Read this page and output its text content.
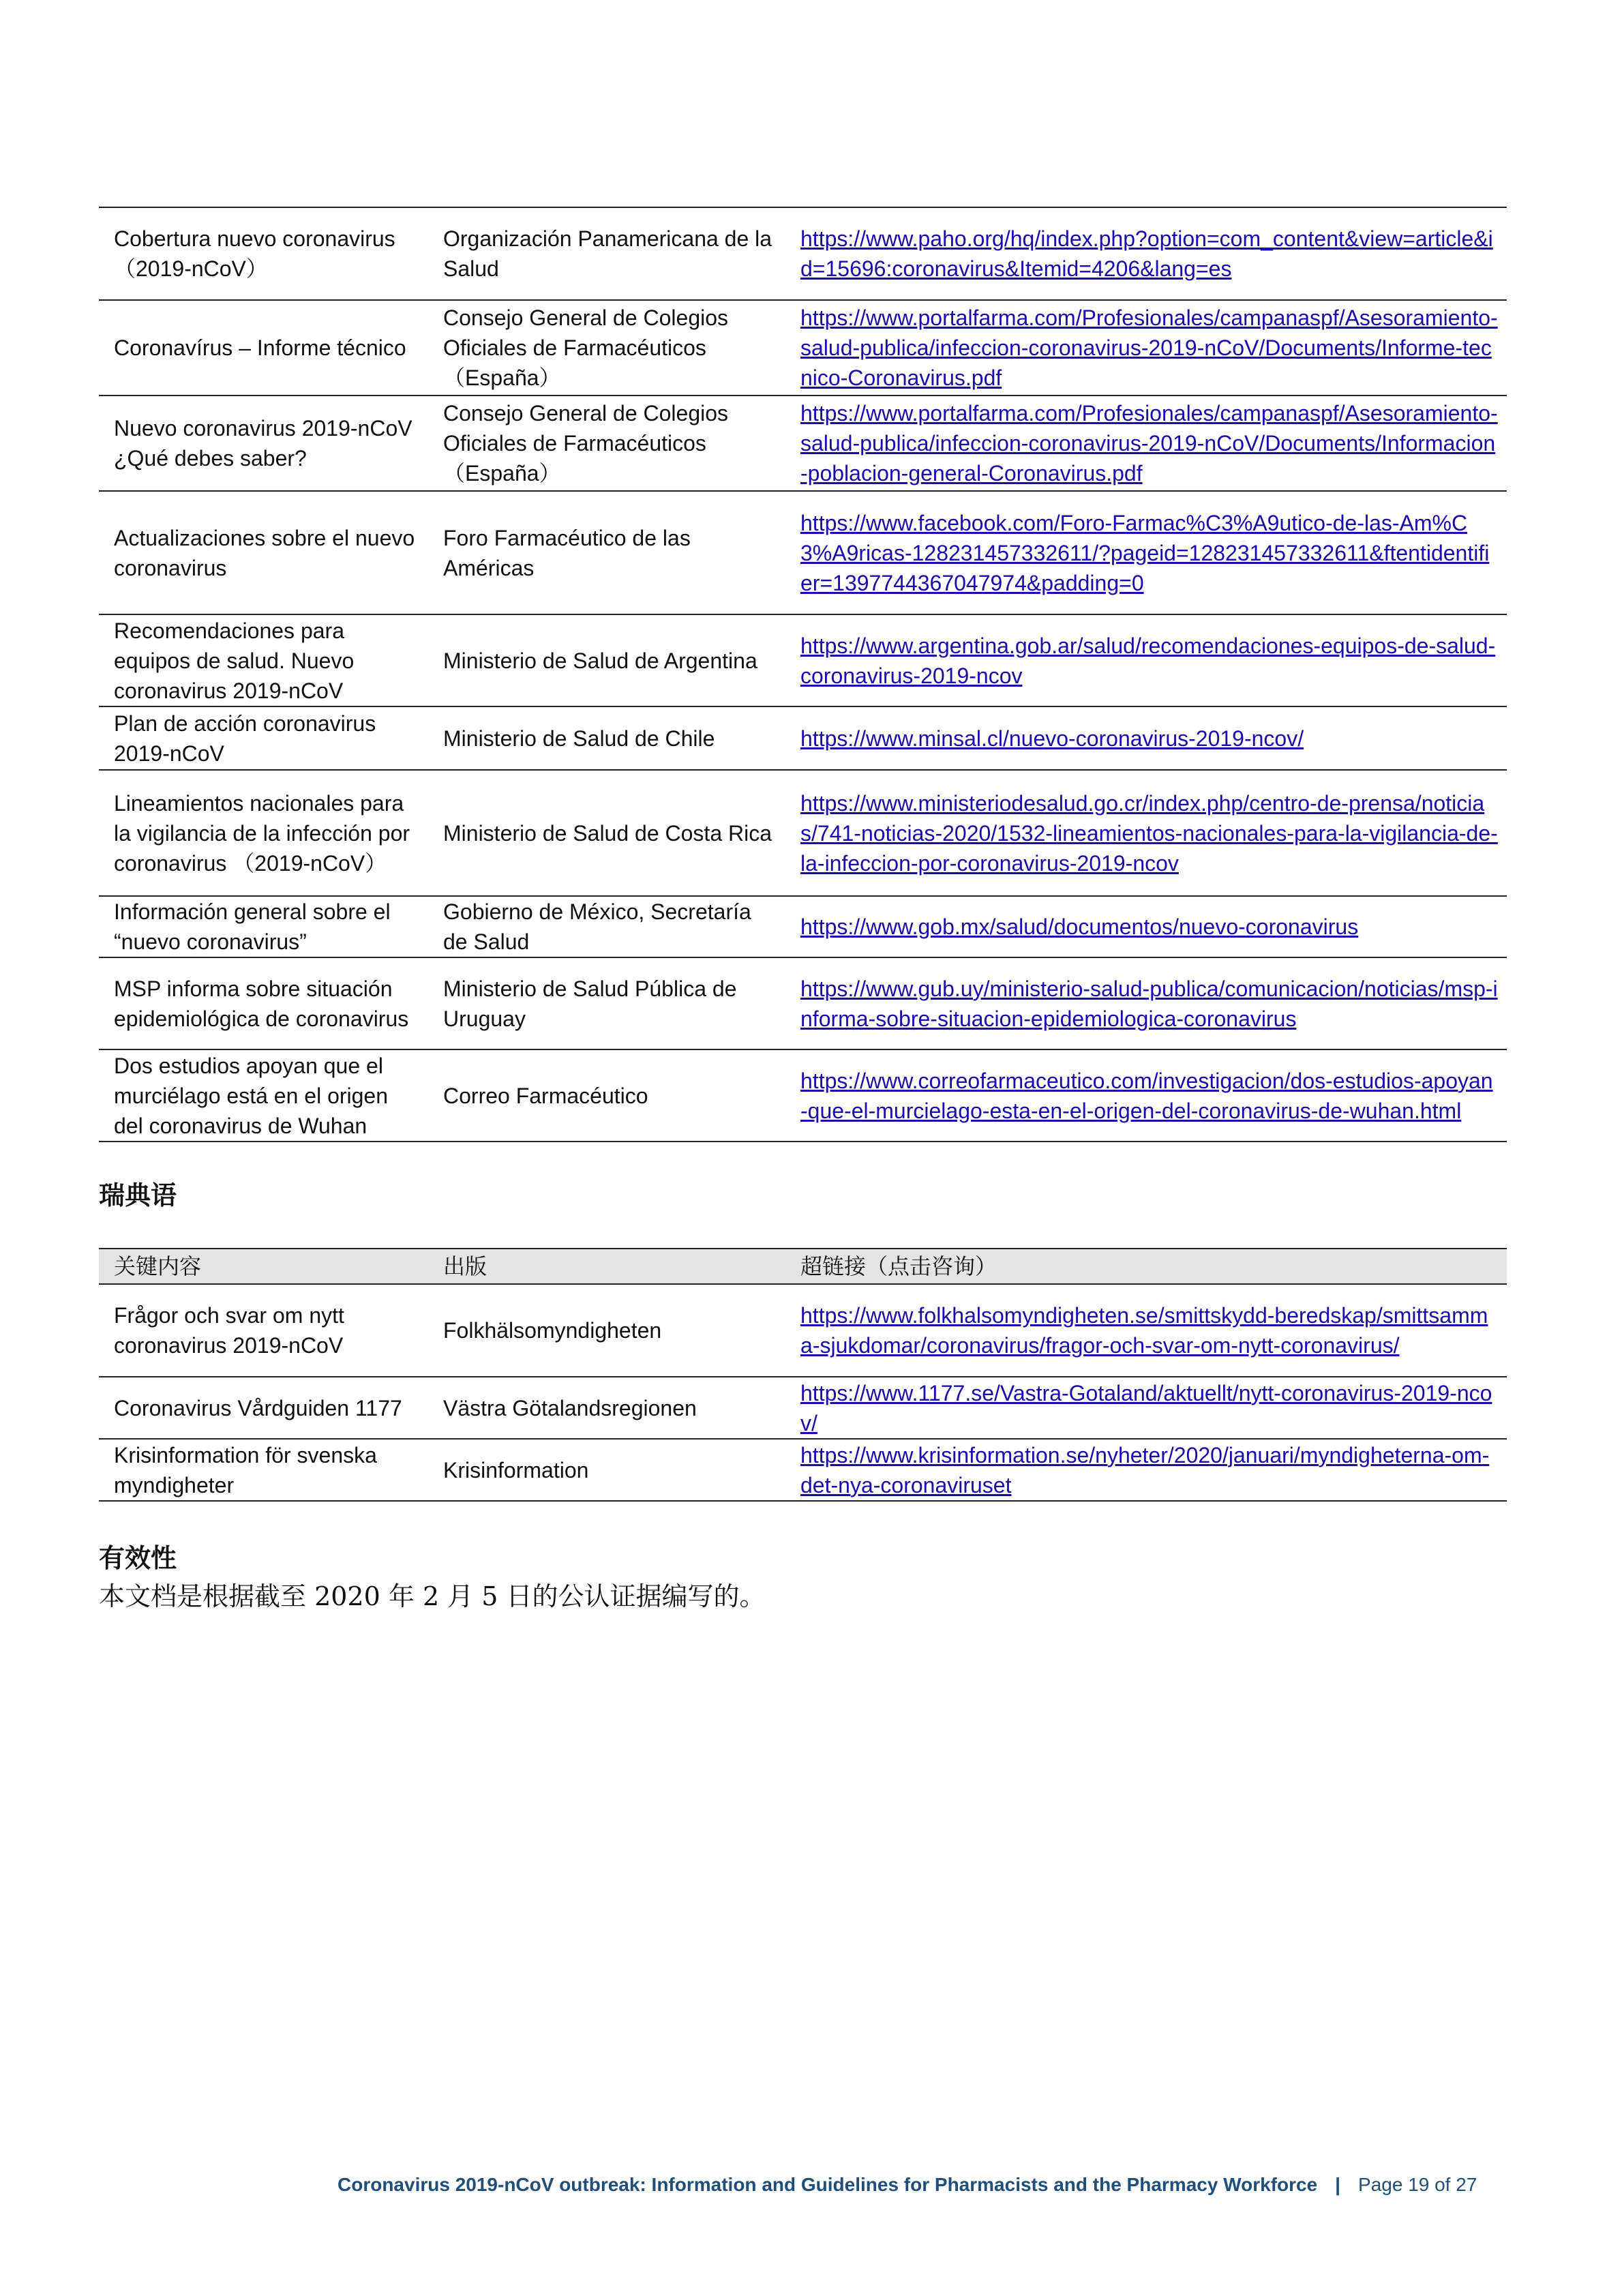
Cobertura nuevo coronavirus （2019-nCoV）	Organización Panamericana de la Salud	https://www.paho.org/hq/index.php?option=com_content&view=article&id=15696:coronavirus&Itemid=4206&lang=es
Coronavírus – Informe técnico	Consejo General de Colegios Oficiales de Farmacéuticos （España）	https://www.portalfarma.com/Profesionales/campanaspf/Asesoramiento-salud-publica/infeccion-coronavirus-2019-nCoV/Documents/Informe-tecnico-Coronavirus.pdf
Nuevo coronavirus 2019-nCoV ¿Qué debes saber?	Consejo General de Colegios Oficiales de Farmacéuticos （España）	https://www.portalfarma.com/Profesionales/campanaspf/Asesoramiento-salud-publica/infeccion-coronavirus-2019-nCoV/Documents/Informacion-poblacion-general-Coronavirus.pdf
Actualizaciones sobre el nuevo coronavirus	Foro Farmacéutico de las Américas	https://www.facebook.com/Foro-Farmac%C3%A9utico-de-las-Am%C3%A9ricas-128231457332611/?pageid=128231457332611&ftentidentifier=1397744367047974&padding=0
Recomendaciones para equipos de salud. Nuevo coronavirus 2019-nCoV	Ministerio de Salud de Argentina	https://www.argentina.gob.ar/salud/recomendaciones-equipos-de-salud-coronavirus-2019-ncov
Plan de acción coronavirus 2019-nCoV	Ministerio de Salud de Chile	https://www.minsal.cl/nuevo-coronavirus-2019-ncov/
Lineamientos nacionales para la vigilancia de la infección por coronavirus （2019-nCoV）	Ministerio de Salud de Costa Rica	https://www.ministeriodesalud.go.cr/index.php/centro-de-prensa/noticias/741-noticias-2020/1532-lineamientos-nacionales-para-la-vigilancia-de-la-infeccion-por-coronavirus-2019-ncov
Información general sobre el “nuevo coronavirus”	Gobierno de México, Secretaría de Salud	https://www.gob.mx/salud/documentos/nuevo-coronavirus
MSP informa sobre situación epidemiológica de coronavirus	Ministerio de Salud Pública de Uruguay	https://www.gub.uy/ministerio-salud-publica/comunicacion/noticias/msp-informa-sobre-situacion-epidemiologica-coronavirus
Dos estudios apoyan que el murciélago está en el origen del coronavirus de Wuhan	Correo Farmacéutico	https://www.correofarmaceutico.com/investigacion/dos-estudios-apoyan-que-el-murcielago-esta-en-el-origen-del-coronavirus-de-wuhan.html
瑞典语
关键内容	出版	超链接（点击咨询）
Frågor och svar om nytt coronavirus 2019-nCoV	Folkhälsomyndigheten	https://www.folkhalsomyndigheten.se/smittskydd-beredskap/smittsamma-sjukdomar/coronavirus/fragor-och-svar-om-nytt-coronavirus/
Coronavirus Vårdguiden 1177	Västra Götalandsregionen	https://www.1177.se/Vastra-Gotaland/aktuellt/nytt-coronavirus-2019-ncov/
Krisinformation för svenska myndigheter	Krisinformation	https://www.krisinformation.se/nyheter/2020/januari/myndigheterna-om-det-nya-coronaviruset
有效性
本文档是根据截至 2020 年 2 月 5 日的公认证据编写的。
Coronavirus 2019-nCoV outbreak: Information and Guidelines for Pharmacists and the Pharmacy Workforce | Page 19 of 27
